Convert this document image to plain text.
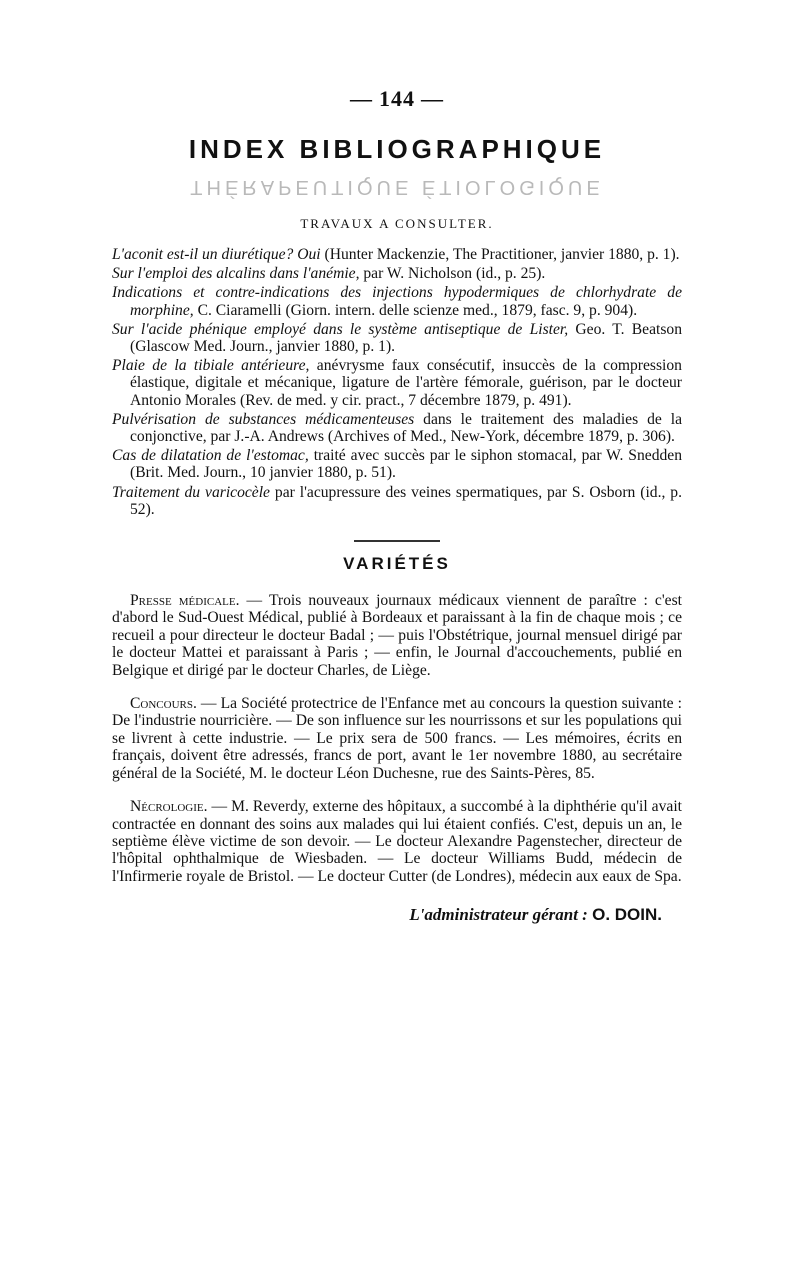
— 144 —
INDEX BIBLIOGRAPHIQUE
THÉRAPEUTIQUE ÉTIOLOGIQUE
TRAVAUX A CONSULTER.

L'aconit est-il un diurétique? Oui (Hunter Mackenzie, The Practitioner, janvier 1880, p. 1).

Sur l'emploi des alcalins dans l'anémie, par W. Nicholson (id., p. 25).

Indications et contre-indications des injections hypodermiques de chlorhydrate de morphine, C. Ciaramelli (Giorn. intern. delle scienze med., 1879, fasc. 9, p. 904).

Sur l'acide phénique employé dans le système antiseptique de Lister, Geo. T. Beatson (Glascow Med. Journ., janvier 1880, p. 1).

Plaie de la tibiale antérieure, anévrysme faux consécutif, insuccès de la compression élastique, digitale et mécanique, ligature de l'artère fémorale, guérison, par le docteur Antonio Morales (Rev. de med. y cir. pract., 7 décembre 1879, p. 491).

Pulvérisation de substances médicamenteuses dans le traitement des maladies de la conjonctive, par J.-A. Andrews (Archives of Med., New-York, décembre 1879, p. 306).

Cas de dilatation de l'estomac, traité avec succès par le siphon stomacal, par W. Snedden (Brit. Med. Journ., 10 janvier 1880, p. 51).

Traitement du varicocèle par l'acupressure des veines spermatiques, par S. Osborn (id., p. 52).

VARIÉTÉS

Presse médicale. — Trois nouveaux journaux médicaux viennent de paraître : c'est d'abord le Sud-Ouest Médical, publié à Bordeaux et paraissant à la fin de chaque mois ; ce recueil a pour directeur le docteur Badal ; — puis l'Obstétrique, journal mensuel dirigé par le docteur Mattei et paraissant à Paris ; — enfin, le Journal d'accouchements, publié en Belgique et dirigé par le docteur Charles, de Liège.

Concours. — La Société protectrice de l'Enfance met au concours la question suivante : De l'industrie nourricière. — De son influence sur les nourrissons et sur les populations qui se livrent à cette industrie. — Le prix sera de 500 francs. — Les mémoires, écrits en français, doivent être adressés, francs de port, avant le 1er novembre 1880, au secrétaire général de la Société, M. le docteur Léon Duchesne, rue des Saints-Pères, 85.

Nécrologie. — M. Reverdy, externe des hôpitaux, a succombé à la diphthérie qu'il avait contractée en donnant des soins aux malades qui lui étaient confiés. C'est, depuis un an, le septième élève victime de son devoir. — Le docteur Alexandre Pagenstecher, directeur de l'hôpital ophthalmique de Wiesbaden. — Le docteur Williams Budd, médecin de l'Infirmerie royale de Bristol. — Le docteur Cutter (de Londres), médecin aux eaux de Spa.

L'administrateur gérant : O. DOIN.
